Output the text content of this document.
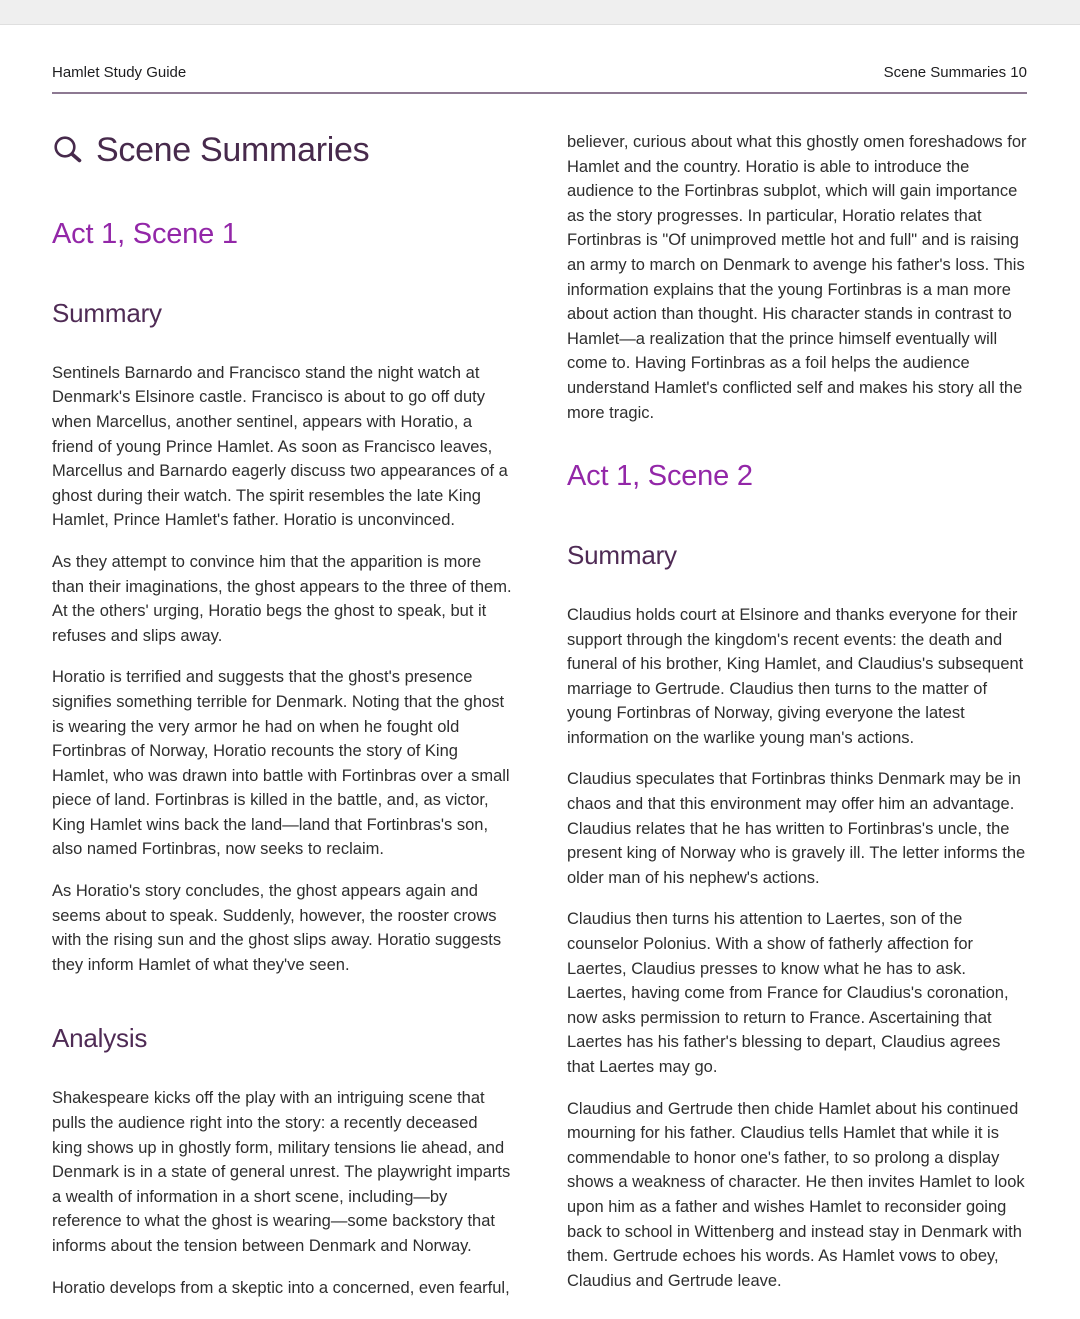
Hamlet Study Guide	Scene Summaries 10
Scene Summaries
Act 1, Scene 1
Summary

Sentinels Barnardo and Francisco stand the night watch at Denmark's Elsinore castle. Francisco is about to go off duty when Marcellus, another sentinel, appears with Horatio, a friend of young Prince Hamlet. As soon as Francisco leaves, Marcellus and Barnardo eagerly discuss two appearances of a ghost during their watch. The spirit resembles the late King Hamlet, Prince Hamlet's father. Horatio is unconvinced.

As they attempt to convince him that the apparition is more than their imaginations, the ghost appears to the three of them. At the others' urging, Horatio begs the ghost to speak, but it refuses and slips away.

Horatio is terrified and suggests that the ghost's presence signifies something terrible for Denmark. Noting that the ghost is wearing the very armor he had on when he fought old Fortinbras of Norway, Horatio recounts the story of King Hamlet, who was drawn into battle with Fortinbras over a small piece of land. Fortinbras is killed in the battle, and, as victor, King Hamlet wins back the land—land that Fortinbras's son, also named Fortinbras, now seeks to reclaim.

As Horatio's story concludes, the ghost appears again and seems about to speak. Suddenly, however, the rooster crows with the rising sun and the ghost slips away. Horatio suggests they inform Hamlet of what they've seen.

Analysis

Shakespeare kicks off the play with an intriguing scene that pulls the audience right into the story: a recently deceased king shows up in ghostly form, military tensions lie ahead, and Denmark is in a state of general unrest. The playwright imparts a wealth of information in a short scene, including—by reference to what the ghost is wearing—some backstory that informs about the tension between Denmark and Norway.

Horatio develops from a skeptic into a concerned, even fearful,

believer, curious about what this ghostly omen foreshadows for Hamlet and the country. Horatio is able to introduce the audience to the Fortinbras subplot, which will gain importance as the story progresses. In particular, Horatio relates that Fortinbras is "Of unimproved mettle hot and full" and is raising an army to march on Denmark to avenge his father's loss. This information explains that the young Fortinbras is a man more about action than thought. His character stands in contrast to Hamlet—a realization that the prince himself eventually will come to. Having Fortinbras as a foil helps the audience understand Hamlet's conflicted self and makes his story all the more tragic.

Act 1, Scene 2
Summary

Claudius holds court at Elsinore and thanks everyone for their support through the kingdom's recent events: the death and funeral of his brother, King Hamlet, and Claudius's subsequent marriage to Gertrude. Claudius then turns to the matter of young Fortinbras of Norway, giving everyone the latest information on the warlike young man's actions.

Claudius speculates that Fortinbras thinks Denmark may be in chaos and that this environment may offer him an advantage. Claudius relates that he has written to Fortinbras's uncle, the present king of Norway who is gravely ill. The letter informs the older man of his nephew's actions.

Claudius then turns his attention to Laertes, son of the counselor Polonius. With a show of fatherly affection for Laertes, Claudius presses to know what he has to ask. Laertes, having come from France for Claudius's coronation, now asks permission to return to France. Ascertaining that Laertes has his father's blessing to depart, Claudius agrees that Laertes may go.

Claudius and Gertrude then chide Hamlet about his continued mourning for his father. Claudius tells Hamlet that while it is commendable to honor one's father, to so prolong a display shows a weakness of character. He then invites Hamlet to look upon him as a father and wishes Hamlet to reconsider going back to school in Wittenberg and instead stay in Denmark with them. Gertrude echoes his words. As Hamlet vows to obey, Claudius and Gertrude leave.
